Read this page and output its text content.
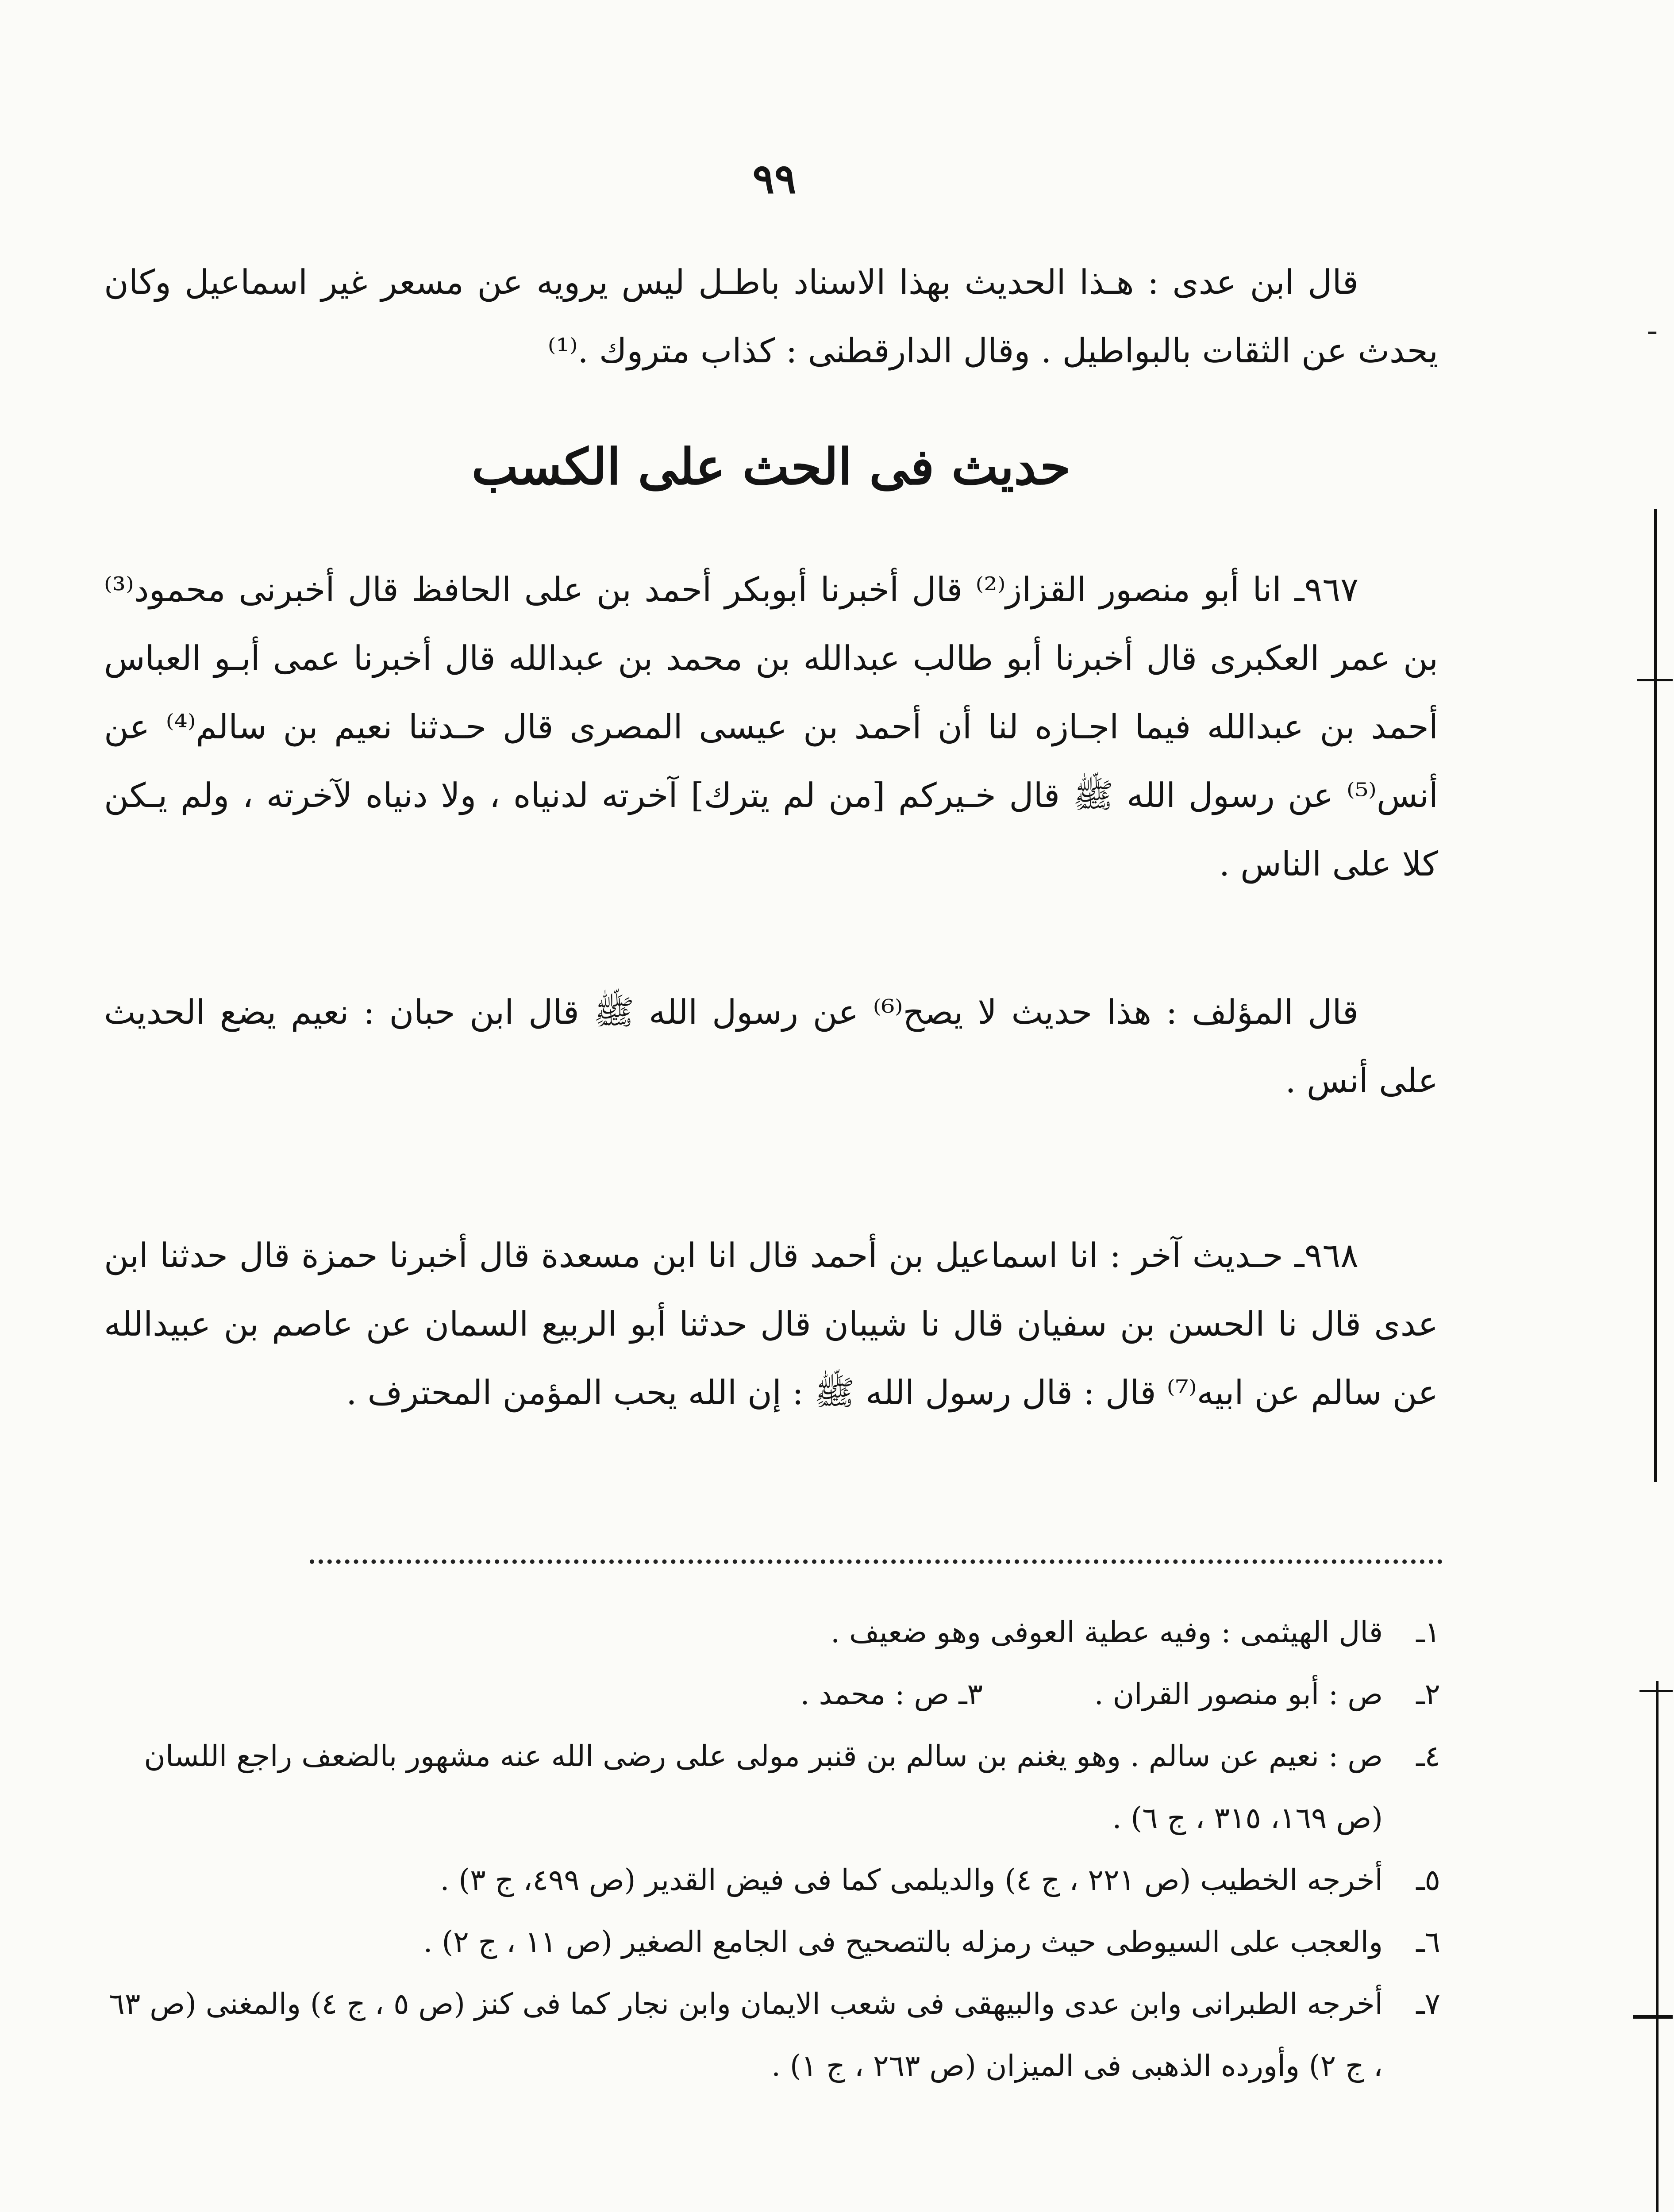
٩٩

قال ابن عدى : هـذا الحديث بهذا الاسناد باطـل ليس يرويه عن مسعر غير اسماعيل وكان يحدث عن الثقات بالبواطيل . وقال الدارقطنى : كذاب متروك .⁽¹⁾

حديث فى الحث على الكسب

٩٦٧ـ انا أبو منصور القزاز⁽²⁾ قال أخبرنا أبوبكر أحمد بن على الحافظ قال أخبرنى محمود⁽³⁾ بن عمر العكبرى قال أخبرنا أبو طالب عبدالله بن محمد بن عبدالله قال أخبرنا عمى أبـو العباس أحمد بن عبدالله فيما اجـازه لنا أن أحمد بن عيسى المصرى قال حـدثنا نعيم بن سالم⁽⁴⁾ عن أنس⁽⁵⁾ عن رسول الله ﷺ قال خـيركم [من لم يترك] آخرته لدنياه ، ولا دنياه لآخرته ، ولم يـكن كلا على الناس .

قال المؤلف : هذا حديث لا يصح⁽⁶⁾ عن رسول الله ﷺ قال ابن حبان : نعيم يضع الحديث على أنس .

٩٦٨ـ حـديث آخر : انا اسماعيل بن أحمد قال انا ابن مسعدة قال أخبرنا حمزة قال حدثنا ابن عدى قال نا الحسن بن سفيان قال نا شيبان قال حدثنا أبو الربيع السمان عن عاصم بن عبيدالله عن سالم عن ابيه⁽⁷⁾ قال : قال رسول الله ﷺ : إن الله يحب المؤمن المحترف .

١ـ
قال الهيثمى : وفيه عطية العوفى وهو ضعيف .
٢ـ
ص : أبو منصور القران .            ٣ـ ص : محمد .
٤ـ
ص : نعيم عن سالم . وهو يغنم بن سالم بن قنبر مولى على رضى الله عنه مشهور بالضعف راجع اللسان (ص ١٦٩، ٣١٥ ، ج ٦) .
٥ـ
أخرجه الخطيب (ص ٢٢١ ، ج ٤) والديلمى كما فى فيض القدير (ص ٤٩٩، ج ٣) .
٦ـ
والعجب على السيوطى حيث رمزله بالتصحيح فى الجامع الصغير (ص ١١ ، ج ٢) .
٧ـ
أخرجه الطبرانى وابن عدى والبيهقى فى شعب الايمان وابن نجار كما فى كنز (ص ٥ ، ج ٤) والمغنى (ص ٦٣ ، ج ٢) وأورده الذهبى فى الميزان (ص ٢٦٣ ، ج ١) .
ـ
